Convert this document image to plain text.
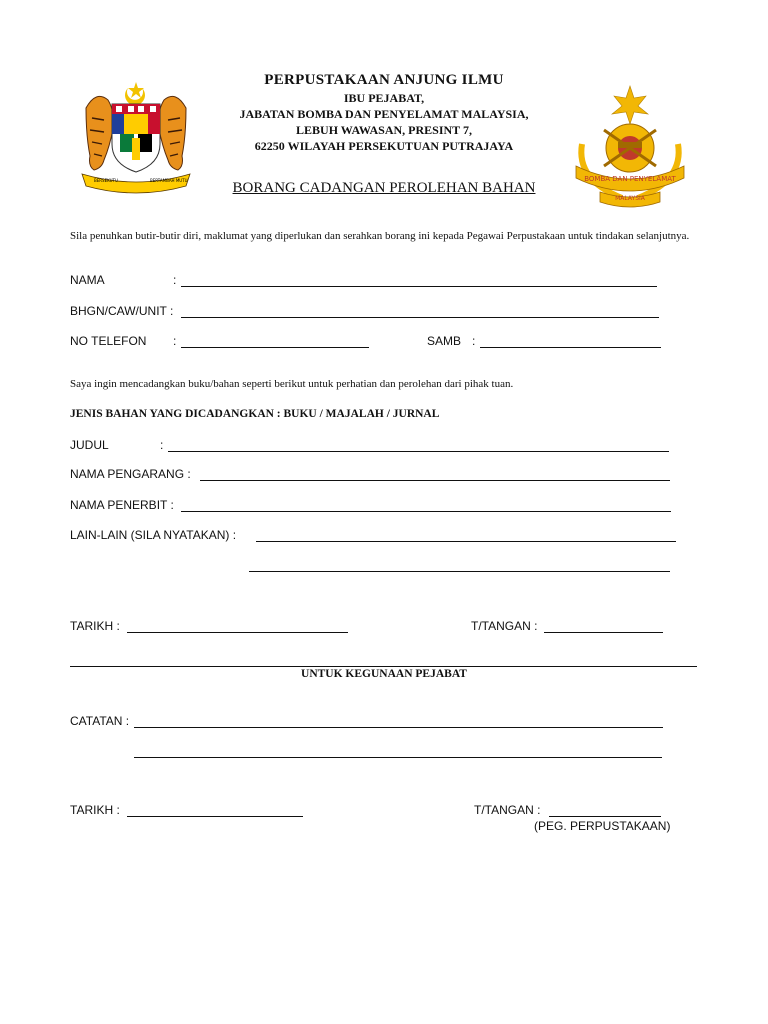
BERSEKUTU	BERTAMBAH MUTU	BOMBA DAN PENYELAMAT
MALAYSIA
PERPUSTAKAAN ANJUNG ILMU
IBU PEJABAT,
JABATAN BOMBA DAN PENYELAMAT MALAYSIA,
LEBUH WAWASAN, PRESINT 7,
62250 WILAYAH PERSEKUTUAN PUTRAJAYA
BORANG CADANGAN PEROLEHAN BAHAN
Sila penuhkan butir-butir diri, maklumat yang diperlukan dan serahkan borang ini kepada Pegawai Perpustakaan untuk tindakan selanjutnya.
NAMA	:
BHGN/CAW/UNIT :
NO TELEFON :	SAMB :
Saya ingin mencadangkan buku/bahan seperti berikut untuk perhatian dan perolehan dari pihak tuan.
JENIS BAHAN YANG DICADANGKAN : BUKU / MAJALAH / JURNAL
JUDUL	:
NAMA PENGARANG :
NAMA PENERBIT :
LAIN-LAIN (SILA NYATAKAN) :
TARIKH :	T/TANGAN :
UNTUK KEGUNAAN PEJABAT
CATATAN :
TARIKH :	T/TANGAN :
(PEG. PERPUSTAKAAN)
